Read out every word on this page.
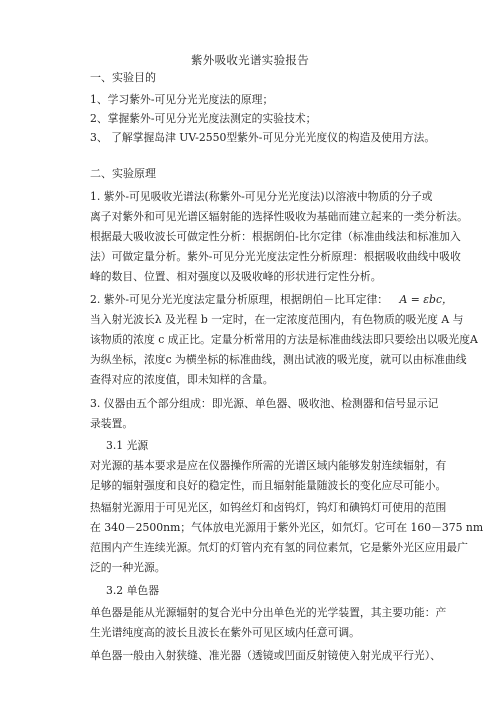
紫外吸收光谱实验报告
一、实验目的
1、学习紫外-可见分光光度法的原理；
2、掌握紫外-可见分光光度法测定的实验技术；
3、 了解掌握岛津 UV-2550型紫外-可见分光光度仪的构造及使用方法。
二、实验原理
1. 紫外-可见吸收光谱法(称紫外-可见分光光度法)以溶液中物质的分子或
离子对紫外和可见光谱区辐射能的选择性吸收为基础而建立起来的一类分析法。
根据最大吸收波长可做定性分析：根据朗伯-比尔定律（标准曲线法和标准加入
法）可做定量分析。紫外-可见分光光度法定性分析原理：根据吸收曲线中吸收
峰的数目、位置、相对强度以及吸收峰的形状进行定性分析。
2. 紫外-可见分光光度法定量分析原理，根据朗伯－比耳定律： A = εbc，
当入射光波长λ 及光程 b 一定时，在一定浓度范围内，有色物质的吸光度 A 与
该物质的浓度 c 成正比。定量分析常用的方法是标准曲线法即只要绘出以吸光度A
为纵坐标，浓度c 为横坐标的标准曲线，测出试液的吸光度，就可以由标准曲线
查得对应的浓度值，即未知样的含量。
3. 仪器由五个部分组成：即光源、单色器、吸收池、检测器和信号显示记
录装置。
3.1 光源
对光源的基本要求是应在仪器操作所需的光谱区域内能够发射连续辐射，有
足够的辐射强度和良好的稳定性，而且辐射能量随波长的变化应尽可能小。
热辐射光源用于可见光区，如钨丝灯和卤钨灯，钨灯和碘钨灯可使用的范围
在 340－2500nm；气体放电光源用于紫外光区，如氘灯。它可在 160－375 nm
范围内产生连续光源。氘灯的灯管内充有氢的同位素氘，它是紫外光区应用最广
泛的一种光源。
3.2 单色器
单色器是能从光源辐射的复合光中分出单色光的光学装置，其主要功能：产
生光谱纯度高的波长且波长在紫外可见区域内任意可调。
单色器一般由入射狭缝、准光器（透镜或凹面反射镜使入射光成平行光）、
